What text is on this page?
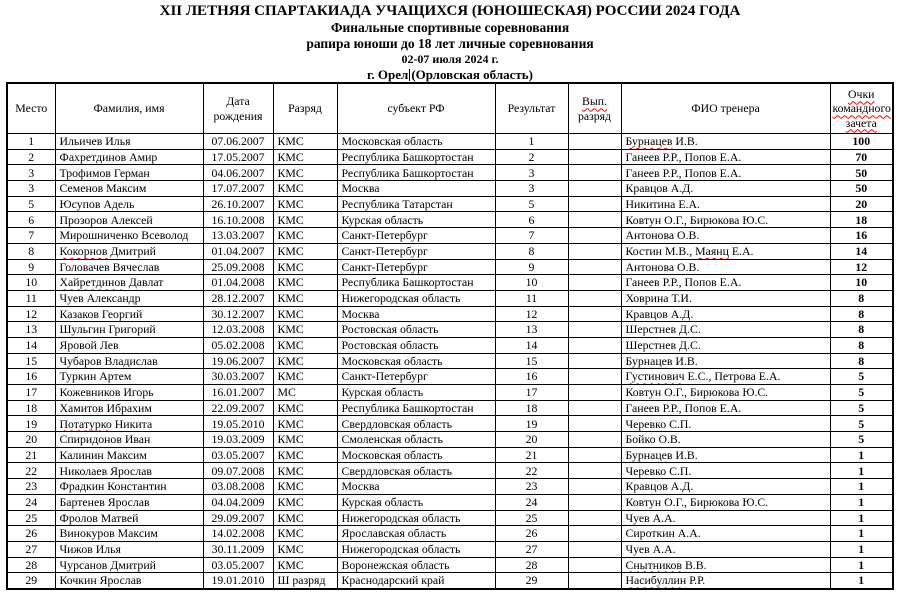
XII ЛЕТНЯЯ СПАРТАКИАДА УЧАЩИХСЯ (ЮНОШЕСКАЯ) РОССИИ 2024 ГОДА
Финальные спортивные соревнования
рапира юноши до 18 лет личные соревнования
02-07 июля 2024 г.
г. Орел (Орловская область)
Место	Фамилия, имя	Дата рождения	Разряд	субъект РФ	Результат	Вып. разряд	ФИО тренера	Очки командного зачета
1	Ильичев Илья	07.06.2007	КМС	Московская область	1		Бурнацев И.В.	100
2	Фахретдинов Амир	17.05.2007	КМС	Республика Башкортостан	2		Ганеев Р.Р., Попов Е.А.	70
3	Трофимов Герман	04.06.2007	КМС	Республика Башкортостан	3		Ганеев Р.Р., Попов Е.А.	50
3	Семенов Максим	17.07.2007	КМС	Москва	3		Кравцов А.Д.	50
5	Юсупов Адель	26.10.2007	КМС	Республика Татарстан	5		Никитина Е.А.	20
6	Прозоров Алексей	16.10.2008	КМС	Курская область	6		Ковтун О.Г., Бирюкова Ю.С.	18
7	Мирошниченко Всеволод	13.03.2007	КМС	Санкт-Петербург	7		Антонова О.В.	16
8	Кокорнов Дмитрий	01.04.2007	КМС	Санкт-Петербург	8		Костин М.В., Маянц Е.А.	14
9	Головачев Вячеслав	25.09.2008	КМС	Санкт-Петербург	9		Антонова О.В.	12
10	Хайретдинов Давлат	01.04.2008	КМС	Республика Башкортостан	10		Ганеев Р.Р., Попов Е.А.	10
11	Чуев Александр	28.12.2007	КМС	Нижегородская область	11		Ховрина Т.И.	8
12	Казаков Георгий	30.12.2007	КМС	Москва	12		Кравцов А.Д.	8
13	Шульгин Григорий	12.03.2008	КМС	Ростовская область	13		Шерстнев Д.С.	8
14	Яровой Лев	05.02.2008	КМС	Ростовская область	14		Шерстнев Д.С.	8
15	Чубаров Владислав	19.06.2007	КМС	Московская область	15		Бурнацев И.В.	8
16	Туркин Артем	30.03.2007	КМС	Санкт-Петербург	16		Густинович Е.С., Петрова Е.А.	5
17	Кожевников Игорь	16.01.2007	МС	Курская область	17		Ковтун О.Г., Бирюкова Ю.С.	5
18	Хамитов Ибрахим	22.09.2007	КМС	Республика Башкортостан	18		Ганеев Р.Р., Попов Е.А.	5
19	Потатурко Никита	19.05.2010	КМС	Свердловская область	19		Черевко С.П.	5
20	Спиридонов Иван	19.03.2009	КМС	Смоленская область	20		Бойко О.В.	5
21	Калинин Максим	03.05.2007	КМС	Московская область	21		Бурнацев И.В.	1
22	Николаев Ярослав	09.07.2008	КМС	Свердловская область	22		Черевко С.П.	1
23	Фрадкин Константин	03.08.2008	КМС	Москва	23		Кравцов А.Д.	1
24	Бартенев Ярослав	04.04.2009	КМС	Курская область	24		Ковтун О.Г., Бирюкова Ю.С.	1
25	Фролов Матвей	29.09.2007	КМС	Нижегородская область	25		Чуев А.А.	1
26	Винокуров Максим	14.02.2008	КМС	Ярославская область	26		Сироткин А.А.	1
27	Чижов Илья	30.11.2009	КМС	Нижегородская область	27		Чуев А.А.	1
28	Чурсанов Дмитрий	03.05.2007	КМС	Воронежская область	28		Снытников В.В.	1
29	Кочкин Ярослав	19.01.2010	Ш разряд	Краснодарский край	29		Насибуллин Р.Р.	1
